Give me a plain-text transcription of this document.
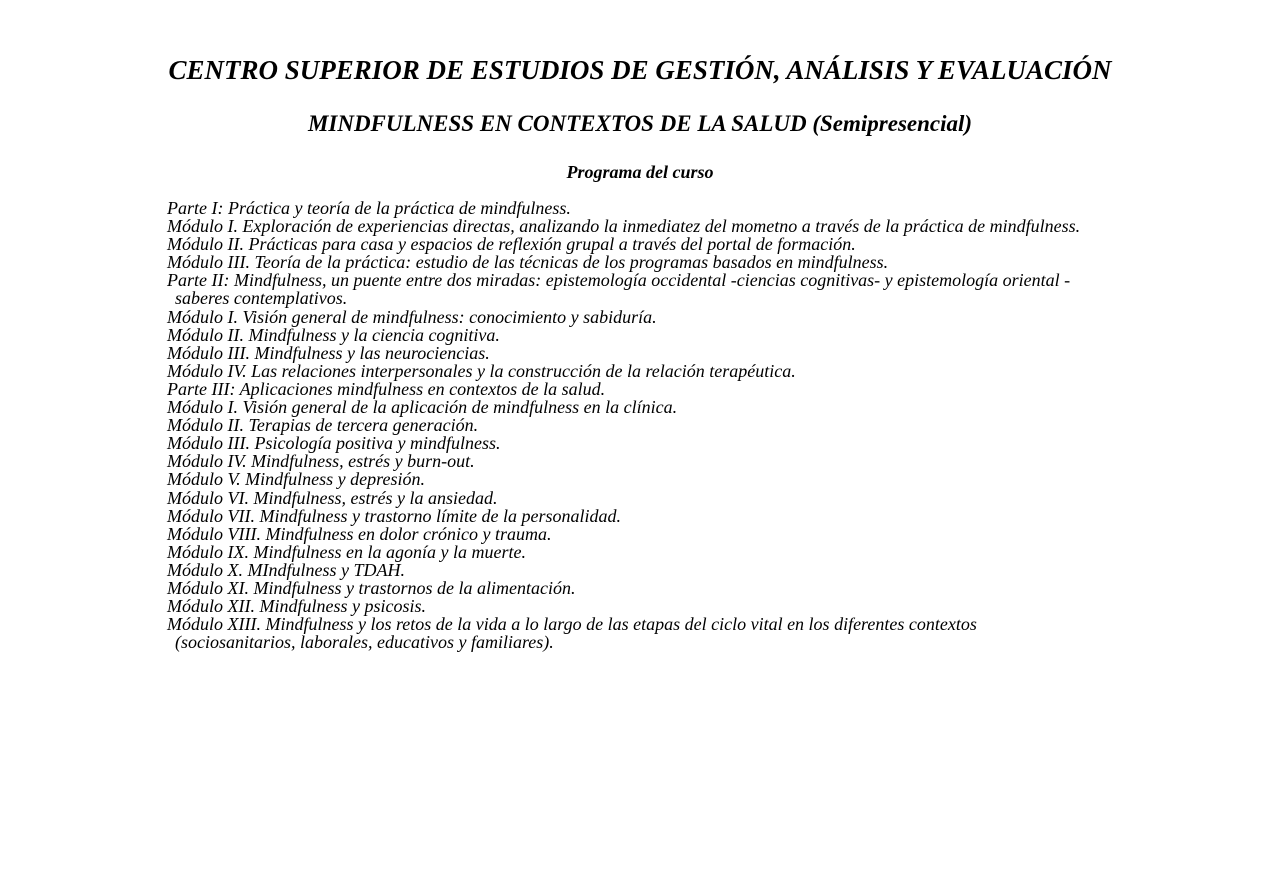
CENTRO SUPERIOR DE ESTUDIOS DE GESTIÓN, ANÁLISIS Y EVALUACIÓN
MINDFULNESS EN CONTEXTOS DE LA SALUD (Semipresencial)
Programa del curso
Parte I: Práctica y teoría de la práctica de mindfulness.
Módulo I. Exploración de experiencias directas, analizando la inmediatez del mometno a través de la práctica de mindfulness.
Módulo II. Prácticas para casa y espacios de reflexión grupal a través del portal de formación.
Módulo III. Teoría de la práctica: estudio de las técnicas de los programas basados en mindfulness.
Parte II: Mindfulness, un puente entre dos miradas: epistemología occidental -ciencias cognitivas- y epistemología oriental -
saberes contemplativos.
Módulo I. Visión general de mindfulness: conocimiento y sabiduría.
Módulo II. Mindfulness y la ciencia cognitiva.
Módulo III. Mindfulness y las neurociencias.
Módulo IV. Las relaciones interpersonales y la construcción de la relación terapéutica.
Parte III: Aplicaciones mindfulness en contextos de la salud.
Módulo I. Visión general de la aplicación de mindfulness en la clínica.
Módulo II. Terapias de tercera generación.
Módulo III. Psicología positiva y mindfulness.
Módulo IV. Mindfulness, estrés y burn-out.
Módulo V. Mindfulness y depresión.
Módulo VI. Mindfulness, estrés y la ansiedad.
Módulo VII. Mindfulness y trastorno límite de la personalidad.
Módulo VIII. Mindfulness en dolor crónico y trauma.
Módulo IX. Mindfulness en la agonía y la muerte.
Módulo X. MIndfulness y TDAH.
Módulo XI. Mindfulness y trastornos de la alimentación.
Módulo XII. Mindfulness y psicosis.
Módulo XIII. Mindfulness y los retos de la vida a lo largo de las etapas del ciclo vital en los diferentes contextos
(sociosanitarios, laborales, educativos y familiares).
